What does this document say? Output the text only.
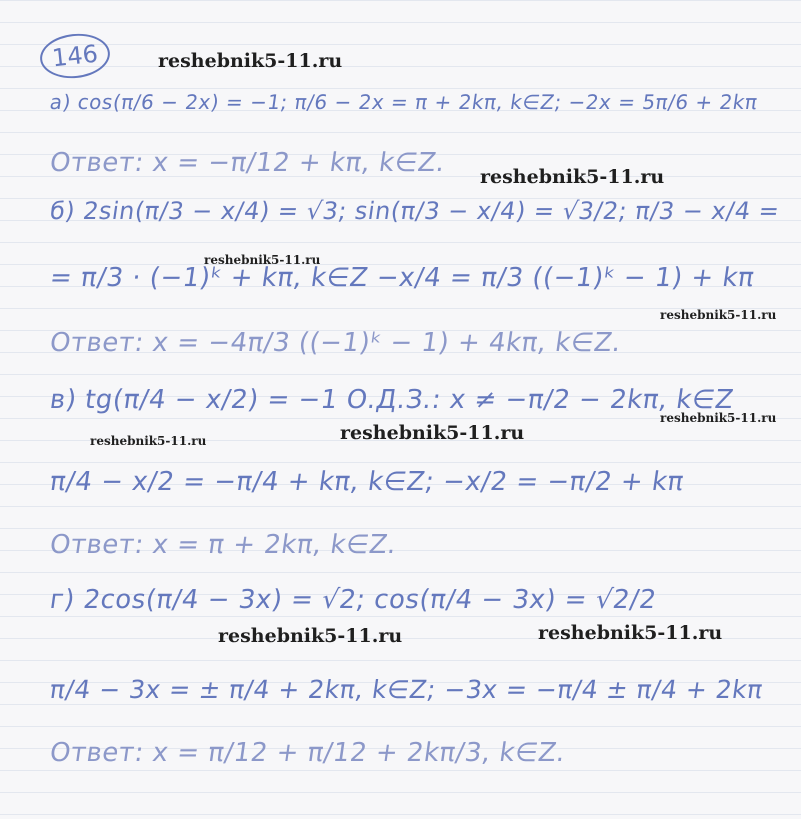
146
а) cos(π/6 − 2x) = −1; π/6 − 2x = π + 2kπ, k∈Z; −2x = 5π/6 + 2kπ
Ответ: x = −π/12 + kπ, k∈Z.
б) 2sin(π/3 − x/4) = √3; sin(π/3 − x/4) = √3/2; π/3 − x/4 =
= π/3 · (−1)ᵏ + kπ, k∈Z −x/4 = π/3 ((−1)ᵏ − 1) + kπ
Ответ: x = −4π/3 ((−1)ᵏ − 1) + 4kπ, k∈Z.
в) tg(π/4 − x/2) = −1 О.Д.З.: x ≠ −π/2 − 2kπ, k∈Z
π/4 − x/2 = −π/4 + kπ, k∈Z; −x/2 = −π/2 + kπ
Ответ: x = π + 2kπ, k∈Z.
г) 2cos(π/4 − 3x) = √2; cos(π/4 − 3x) = √2/2
π/4 − 3x = ± π/4 + 2kπ, k∈Z; −3x = −π/4 ± π/4 + 2kπ
Ответ: x = π/12 + π/12 + 2kπ/3, k∈Z.
reshebnik5-11.ru
reshebnik5-11.ru
reshebnik5-11.ru
reshebnik5-11.ru
reshebnik5-11.ru
reshebnik5-11.ru	reshebnik5-11.ru
reshebnik5-11.ru	reshebnik5-11.ru
